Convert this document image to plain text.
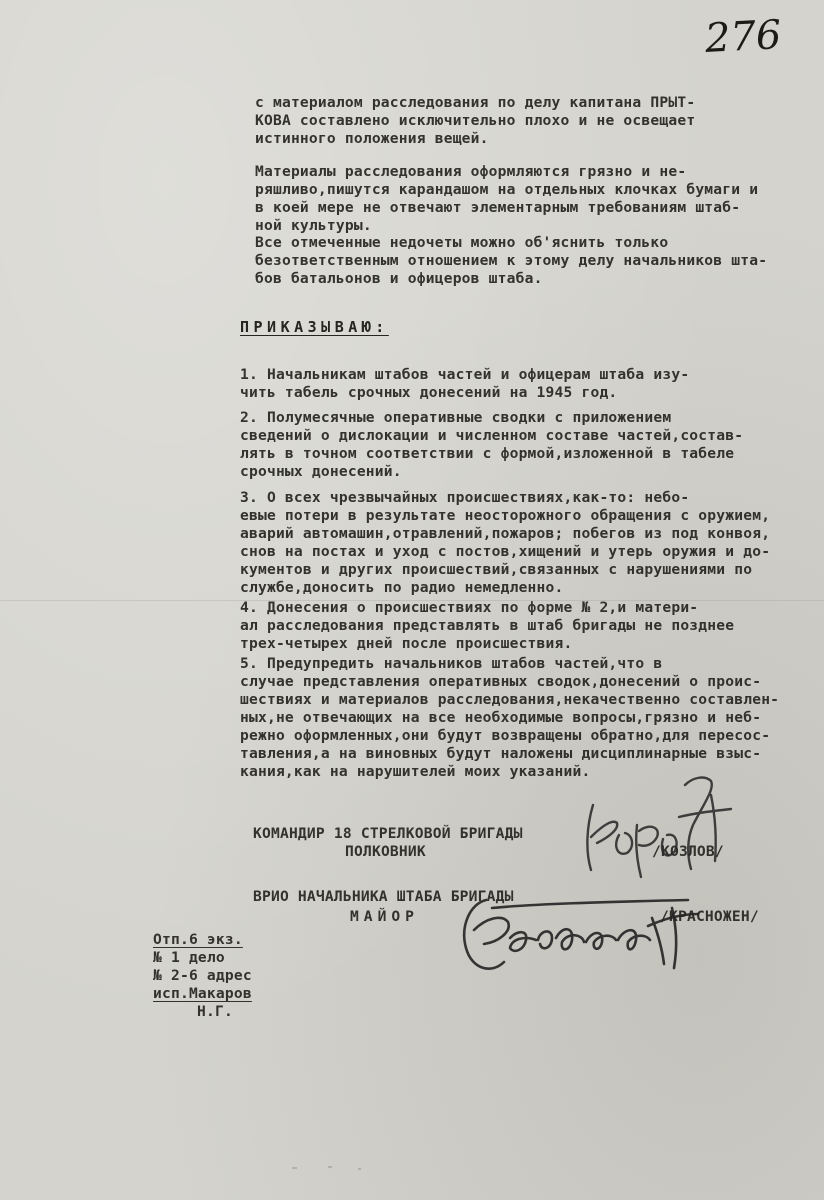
276
с материалом расследования по делу капитана ПРЫТ-
КОВА составлено исключительно плохо и не освещает
истинного положения вещей.
Материалы расследования оформляются грязно и не-
ряшливо,пишутся карандашом на отдельных клочках бумаги и
в коей мере не отвечают элементарным требованиям штаб-
ной культуры.
Все отмеченные недочеты можно об'яснить только
безответственным отношением к этому делу начальников шта-
бов батальонов и офицеров штаба.
ПРИКАЗЫВАЮ:
1. Начальникам штабов частей и офицерам штаба изу-
чить табель срочных донесений на 1945 год.
2. Полумесячные оперативные сводки с приложением
сведений о дислокации и численном составе частей,состав-
лять в точном соответствии с формой,изложенной в табеле
срочных донесений.
3. О всех чрезвычайных происшествиях,как-то: небо-
евые потери в результате неосторожного обращения с оружием,
аварий автомашин,отравлений,пожаров; побегов из под конвоя,
снов на постах и уход с постов,хищений и утерь оружия и до-
кументов и других происшествий,связанных с нарушениями по
службе,доносить по радио немедленно.
4. Донесения о происшествиях по форме № 2,и матери-
ал расследования представлять в штаб бригады не позднее
трех-четырех дней после происшествия.
5. Предупредить начальников штабов частей,что в
случае представления оперативных сводок,донесений о проис-
шествиях и материалов расследования,некачественно составлен-
ных,не отвечающих на все необходимые вопросы,грязно и неб-
режно оформленных,они будут возвращены обратно,для пересос-
тавления,а на виновных будут наложены дисциплинарные взыс-
кания,как на нарушителей моих указаний.
КОМАНДИР 18 СТРЕЛКОВОЙ БРИГАДЫ
ПОЛКОВНИК	/КОЗЛОВ/
ВРИО НАЧАЛЬНИКА ШТАБА БРИГАДЫ
МАЙОР	/КРАСНОЖЕН/
Отп.6 экз.
№ 1 дело
№ 2-6 адрес
исп.Макаров
Н.Г.
